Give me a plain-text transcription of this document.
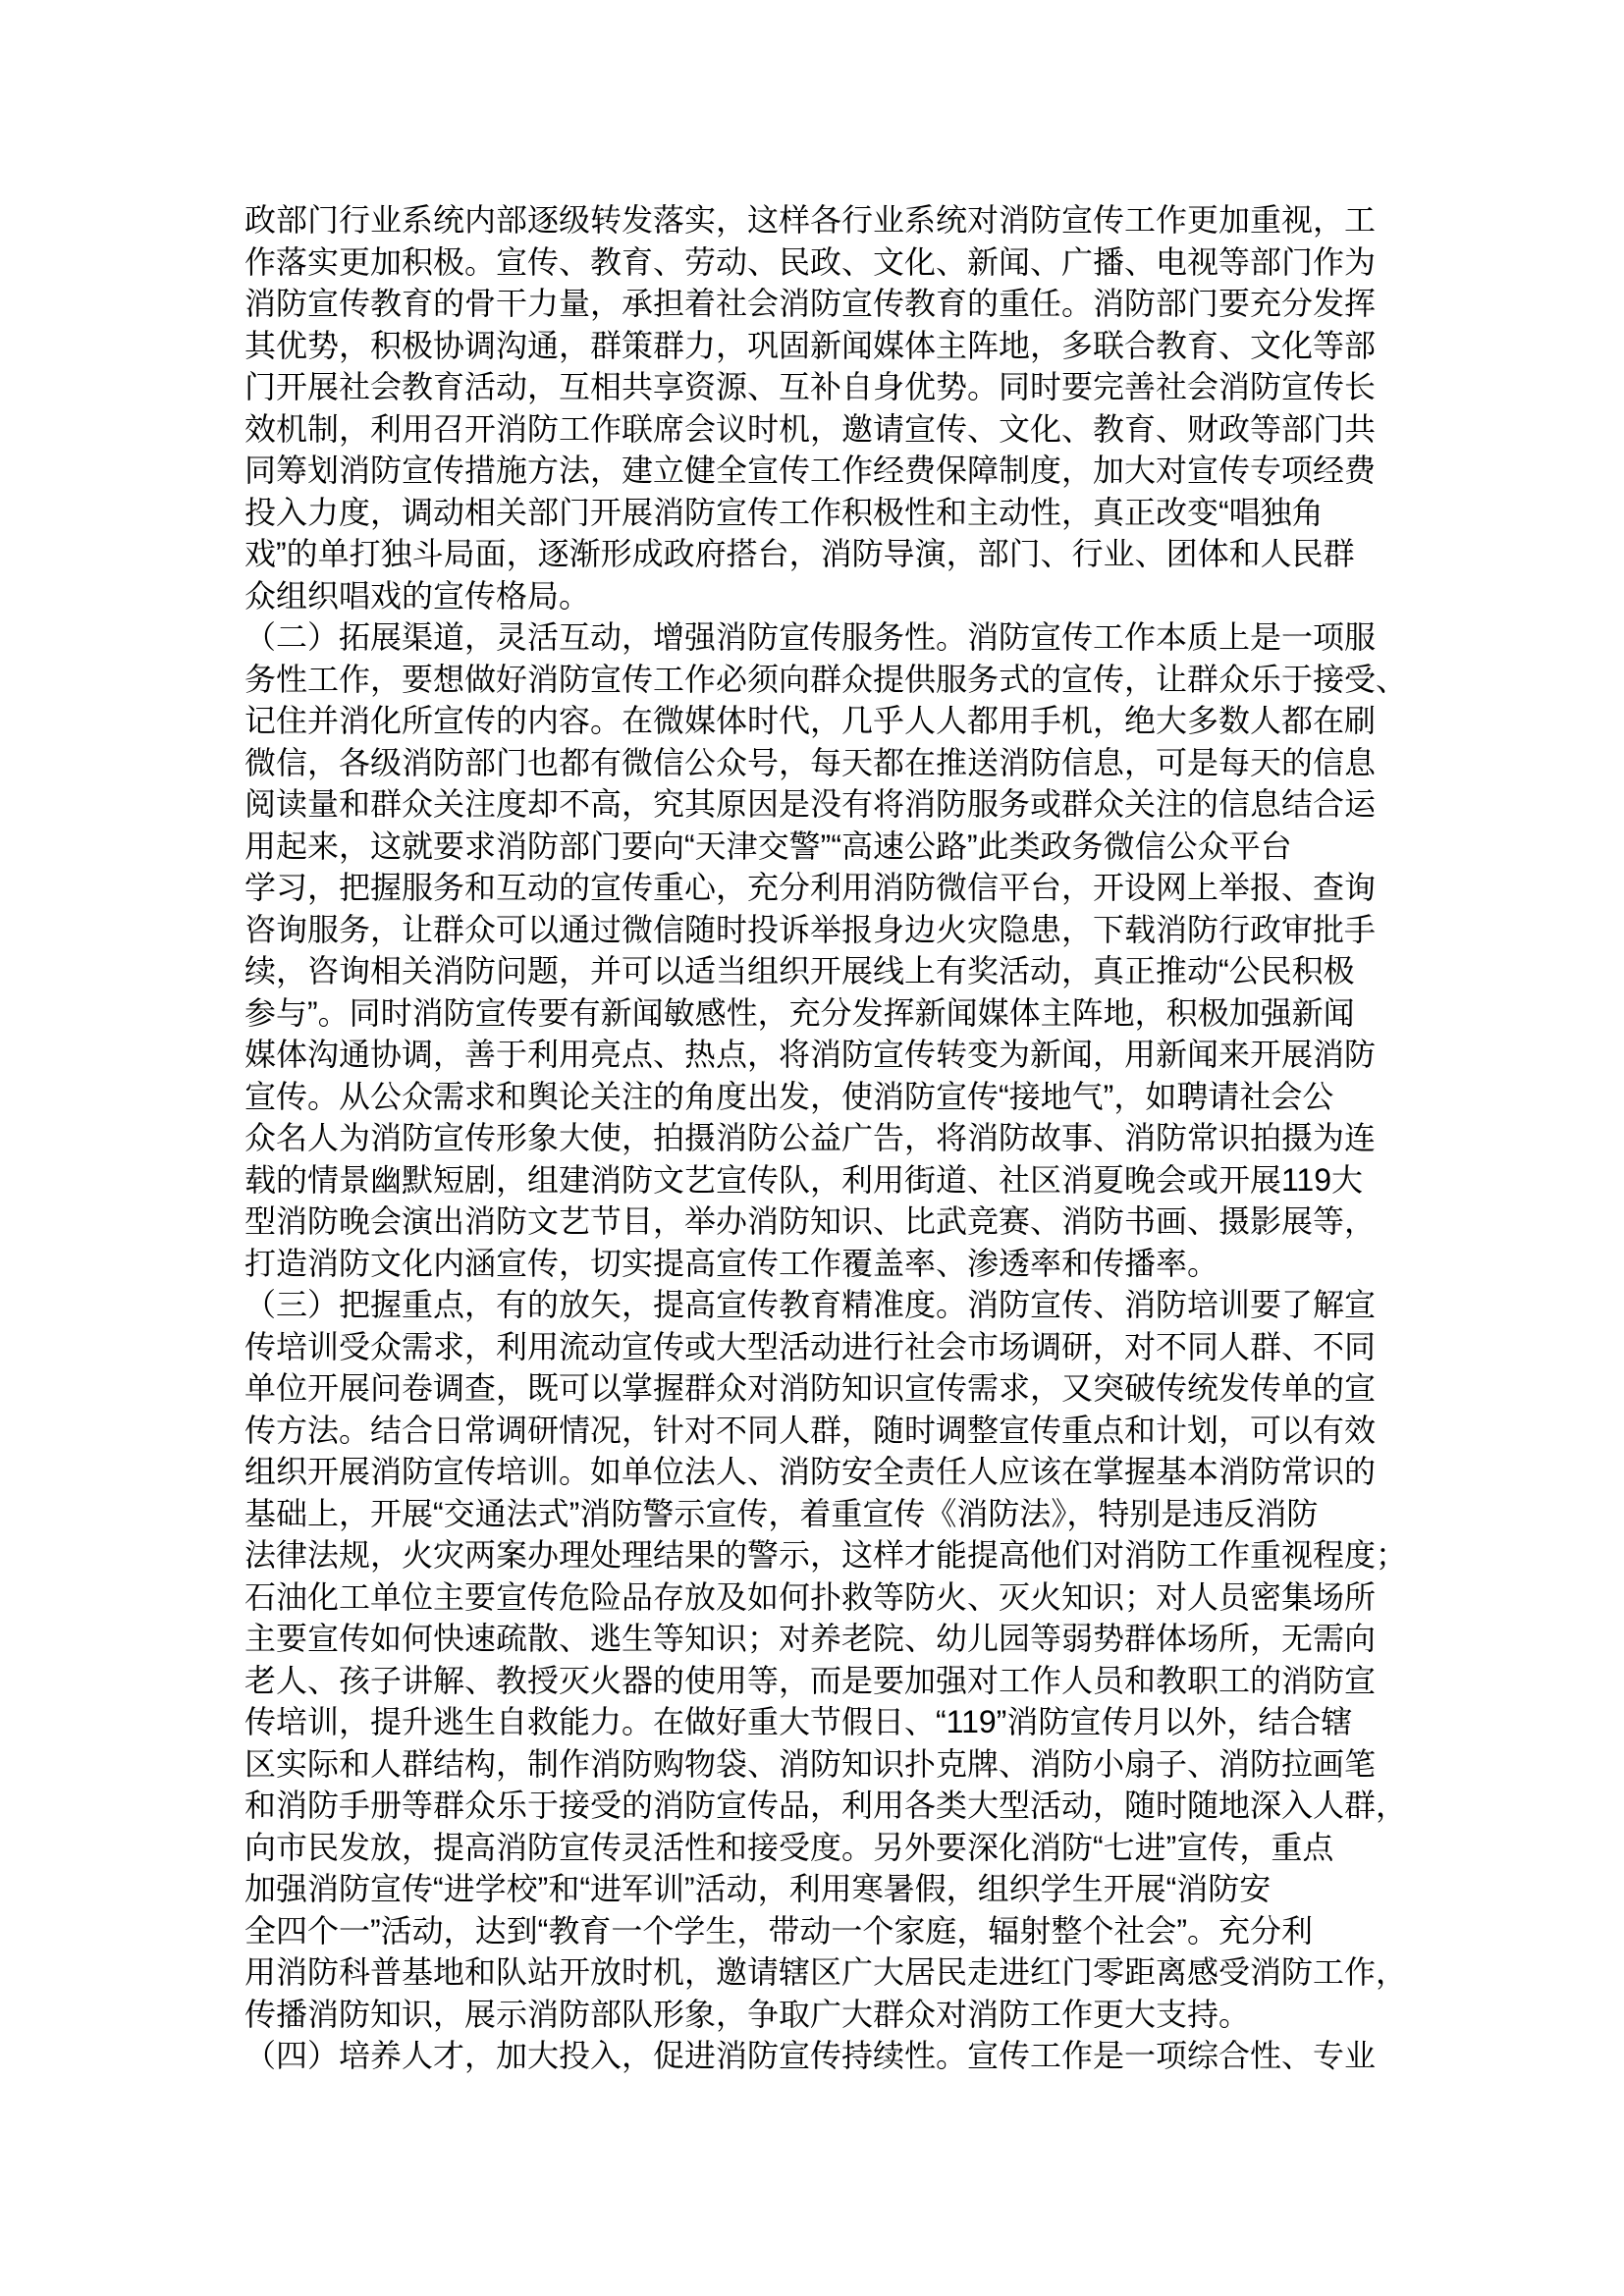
政部门行业系统内部逐级转发落实，这样各行业系统对消防宣传工作更加重视，工
作落实更加积极。宣传、教育、劳动、民政、文化、新闻、广播、电视等部门作为
消防宣传教育的骨干力量，承担着社会消防宣传教育的重任。消防部门要充分发挥
其优势，积极协调沟通，群策群力，巩固新闻媒体主阵地，多联合教育、文化等部
门开展社会教育活动，互相共享资源、互补自身优势。同时要完善社会消防宣传长
效机制，利用召开消防工作联席会议时机，邀请宣传、文化、教育、财政等部门共
同筹划消防宣传措施方法，建立健全宣传工作经费保障制度，加大对宣传专项经费
投入力度，调动相关部门开展消防宣传工作积极性和主动性，真正改变“唱独角
戏”的单打独斗局面，逐渐形成政府搭台，消防导演，部门、行业、团体和人民群
众组织唱戏的宣传格局。
（二）拓展渠道，灵活互动，增强消防宣传服务性。消防宣传工作本质上是一项服
务性工作，要想做好消防宣传工作必须向群众提供服务式的宣传，让群众乐于接受、
记住并消化所宣传的内容。在微媒体时代，几乎人人都用手机，绝大多数人都在刷
微信，各级消防部门也都有微信公众号，每天都在推送消防信息，可是每天的信息
阅读量和群众关注度却不高，究其原因是没有将消防服务或群众关注的信息结合运
用起来，这就要求消防部门要向“天津交警”“高速公路”此类政务微信公众平台
学习，把握服务和互动的宣传重心，充分利用消防微信平台，开设网上举报、查询
咨询服务，让群众可以通过微信随时投诉举报身边火灾隐患，下载消防行政审批手
续，咨询相关消防问题，并可以适当组织开展线上有奖活动，真正推动“公民积极
参与”。同时消防宣传要有新闻敏感性，充分发挥新闻媒体主阵地，积极加强新闻
媒体沟通协调，善于利用亮点、热点，将消防宣传转变为新闻，用新闻来开展消防
宣传。从公众需求和舆论关注的角度出发，使消防宣传“接地气”，如聘请社会公
众名人为消防宣传形象大使，拍摄消防公益广告，将消防故事、消防常识拍摄为连
载的情景幽默短剧，组建消防文艺宣传队，利用街道、社区消夏晚会或开展119大
型消防晚会演出消防文艺节目，举办消防知识、比武竞赛、消防书画、摄影展等，
打造消防文化内涵宣传，切实提高宣传工作覆盖率、渗透率和传播率。
（三）把握重点，有的放矢，提高宣传教育精准度。消防宣传、消防培训要了解宣
传培训受众需求，利用流动宣传或大型活动进行社会市场调研，对不同人群、不同
单位开展问卷调查，既可以掌握群众对消防知识宣传需求，又突破传统发传单的宣
传方法。结合日常调研情况，针对不同人群，随时调整宣传重点和计划，可以有效
组织开展消防宣传培训。如单位法人、消防安全责任人应该在掌握基本消防常识的
基础上，开展“交通法式”消防警示宣传，着重宣传《消防法》，特别是违反消防
法律法规，火灾两案办理处理结果的警示，这样才能提高他们对消防工作重视程度；
石油化工单位主要宣传危险品存放及如何扑救等防火、灭火知识；对人员密集场所
主要宣传如何快速疏散、逃生等知识；对养老院、幼儿园等弱势群体场所，无需向
老人、孩子讲解、教授灭火器的使用等，而是要加强对工作人员和教职工的消防宣
传培训，提升逃生自救能力。在做好重大节假日、“119”消防宣传月以外，结合辖
区实际和人群结构，制作消防购物袋、消防知识扑克牌、消防小扇子、消防拉画笔
和消防手册等群众乐于接受的消防宣传品，利用各类大型活动，随时随地深入人群，
向市民发放，提高消防宣传灵活性和接受度。另外要深化消防“七进”宣传，重点
加强消防宣传“进学校”和“进军训”活动，利用寒暑假，组织学生开展“消防安
全四个一”活动，达到“教育一个学生，带动一个家庭，辐射整个社会”。充分利
用消防科普基地和队站开放时机，邀请辖区广大居民走进红门零距离感受消防工作，
传播消防知识，展示消防部队形象，争取广大群众对消防工作更大支持。
（四）培养人才，加大投入，促进消防宣传持续性。宣传工作是一项综合性、专业
